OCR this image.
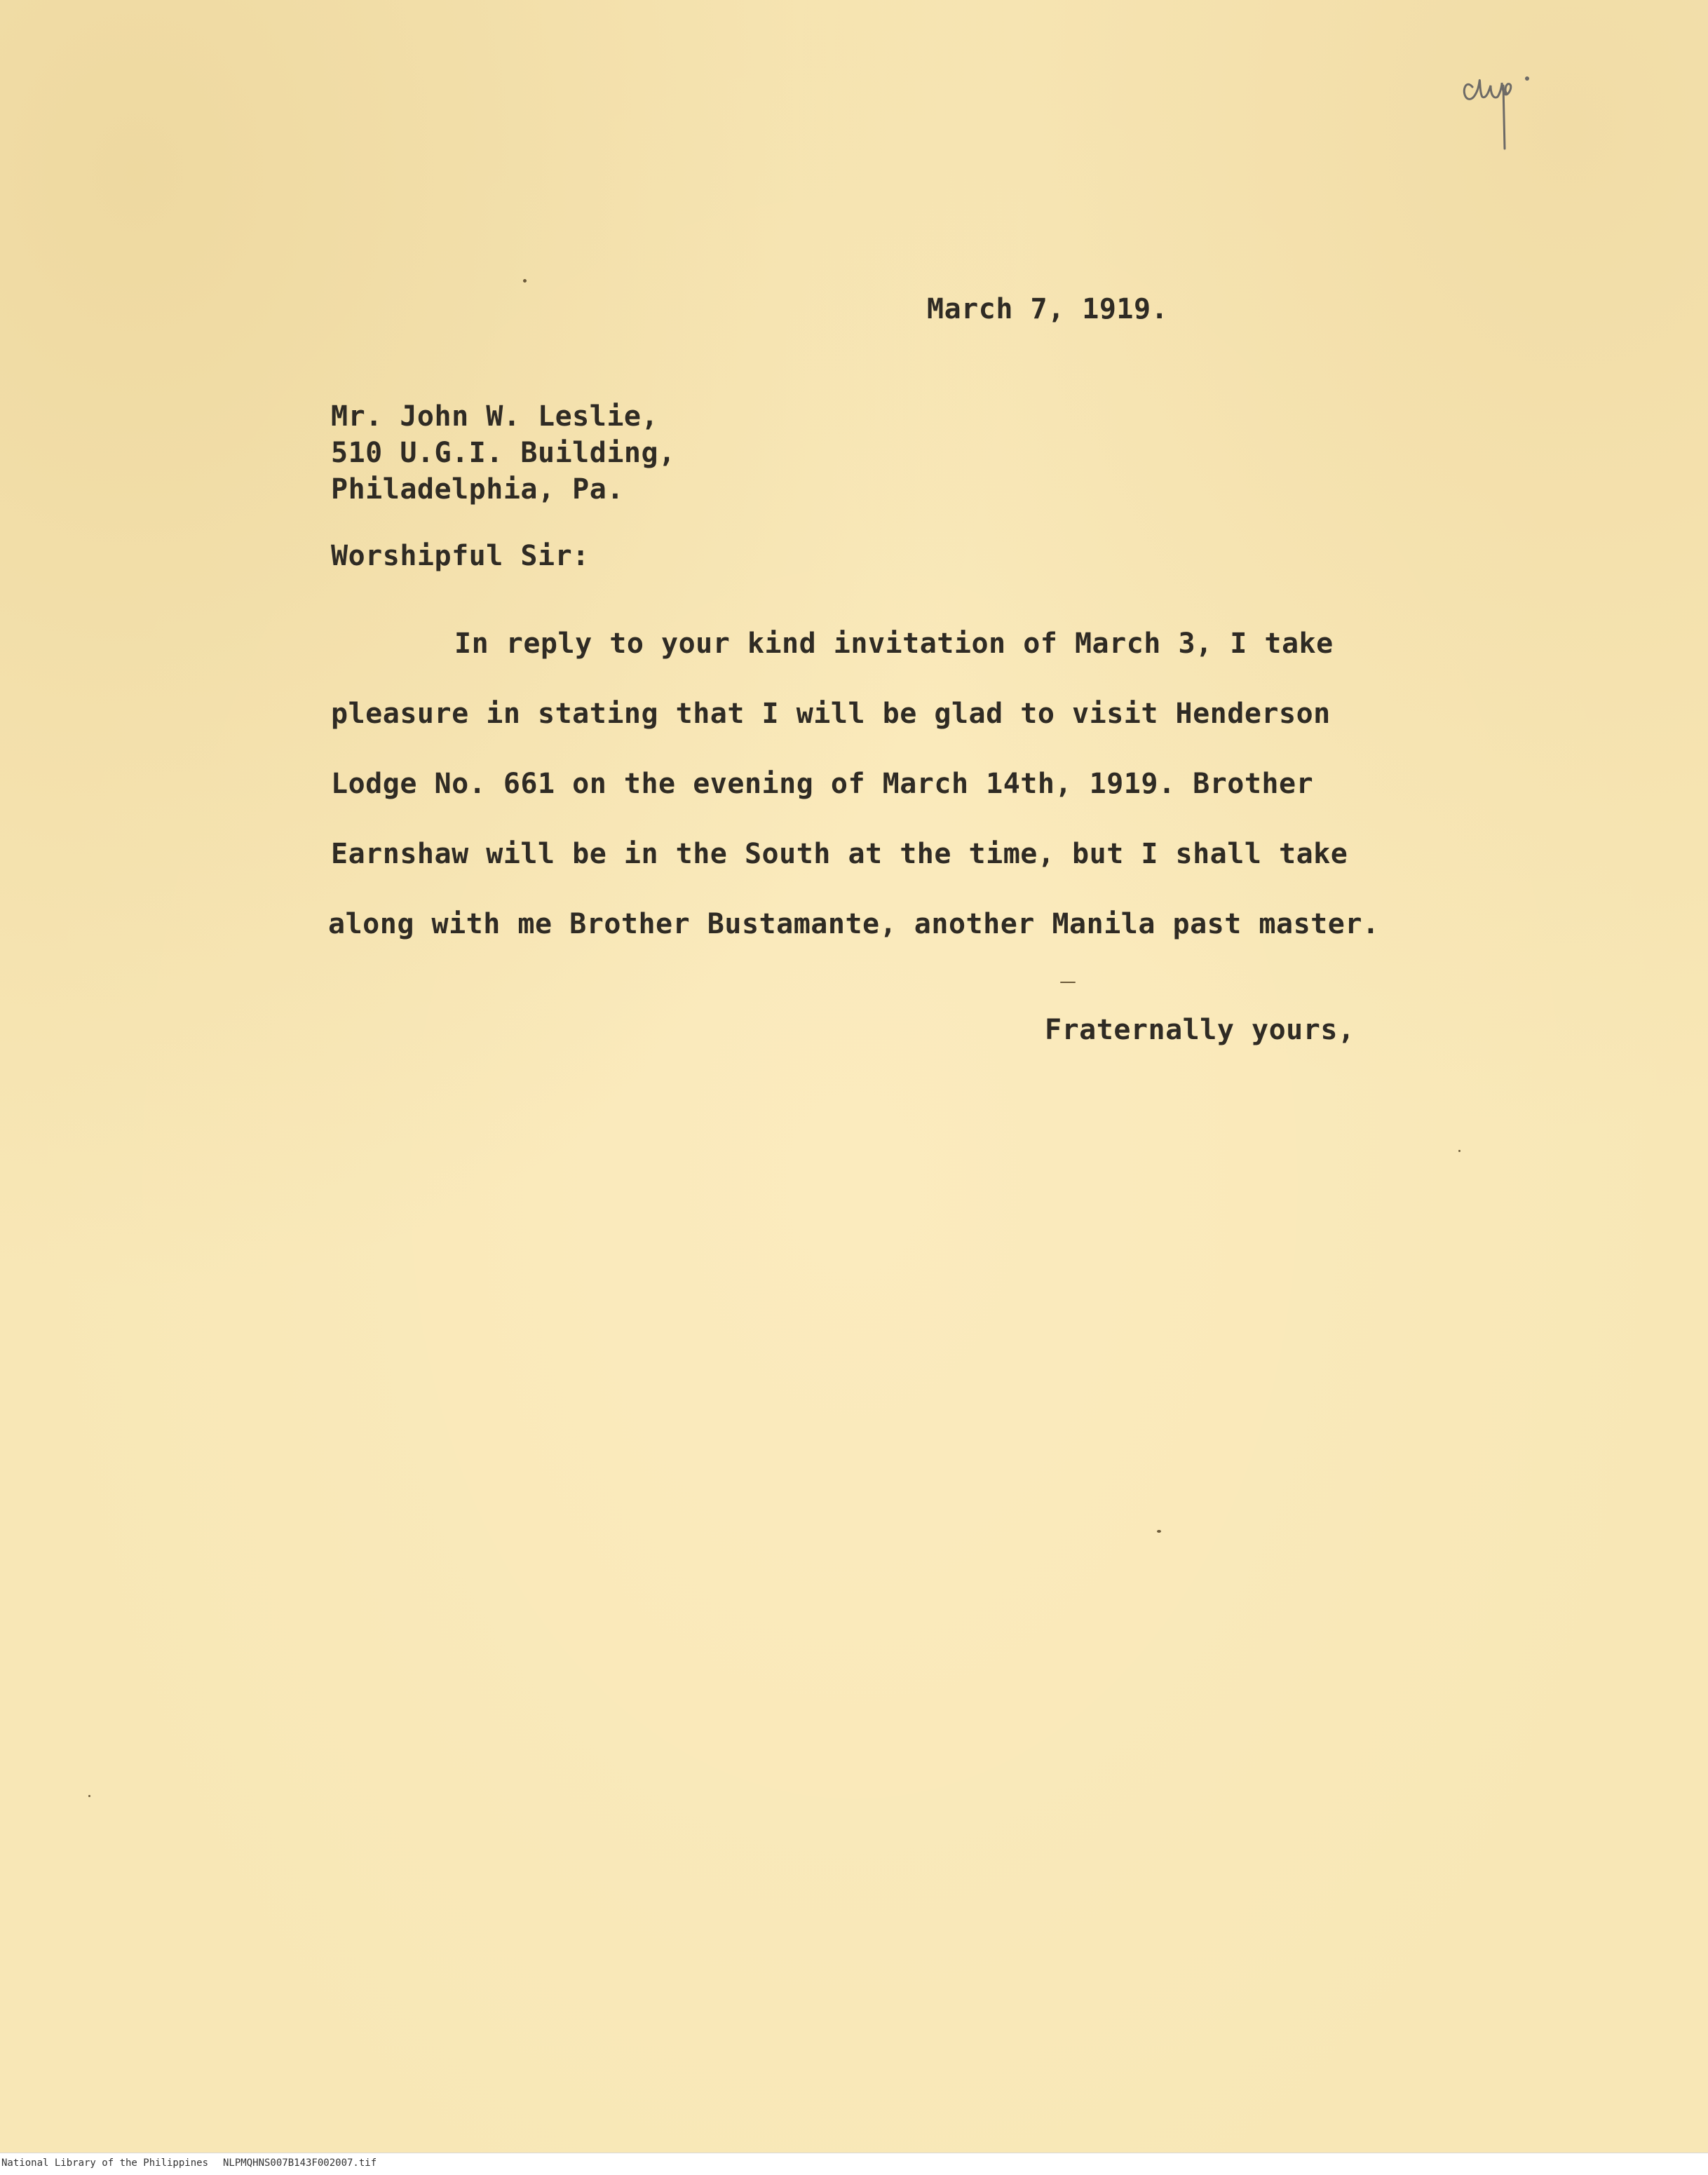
March 7, 1919.

Mr. John W. Leslie,

510 U.G.I. Building,

Philadelphia, Pa.

Worshipful Sir:

In reply to your kind invitation of March 3, I take

pleasure in stating that I will be glad to visit Henderson

Lodge No. 661 on the evening of March 14th, 1919. Brother

Earnshaw will be in the South at the time, but I shall take

along with me Brother Bustamante, another Manila past master.

Fraternally yours,

National Library of the Philippines NLPMQHNS007B143F002007.tif
